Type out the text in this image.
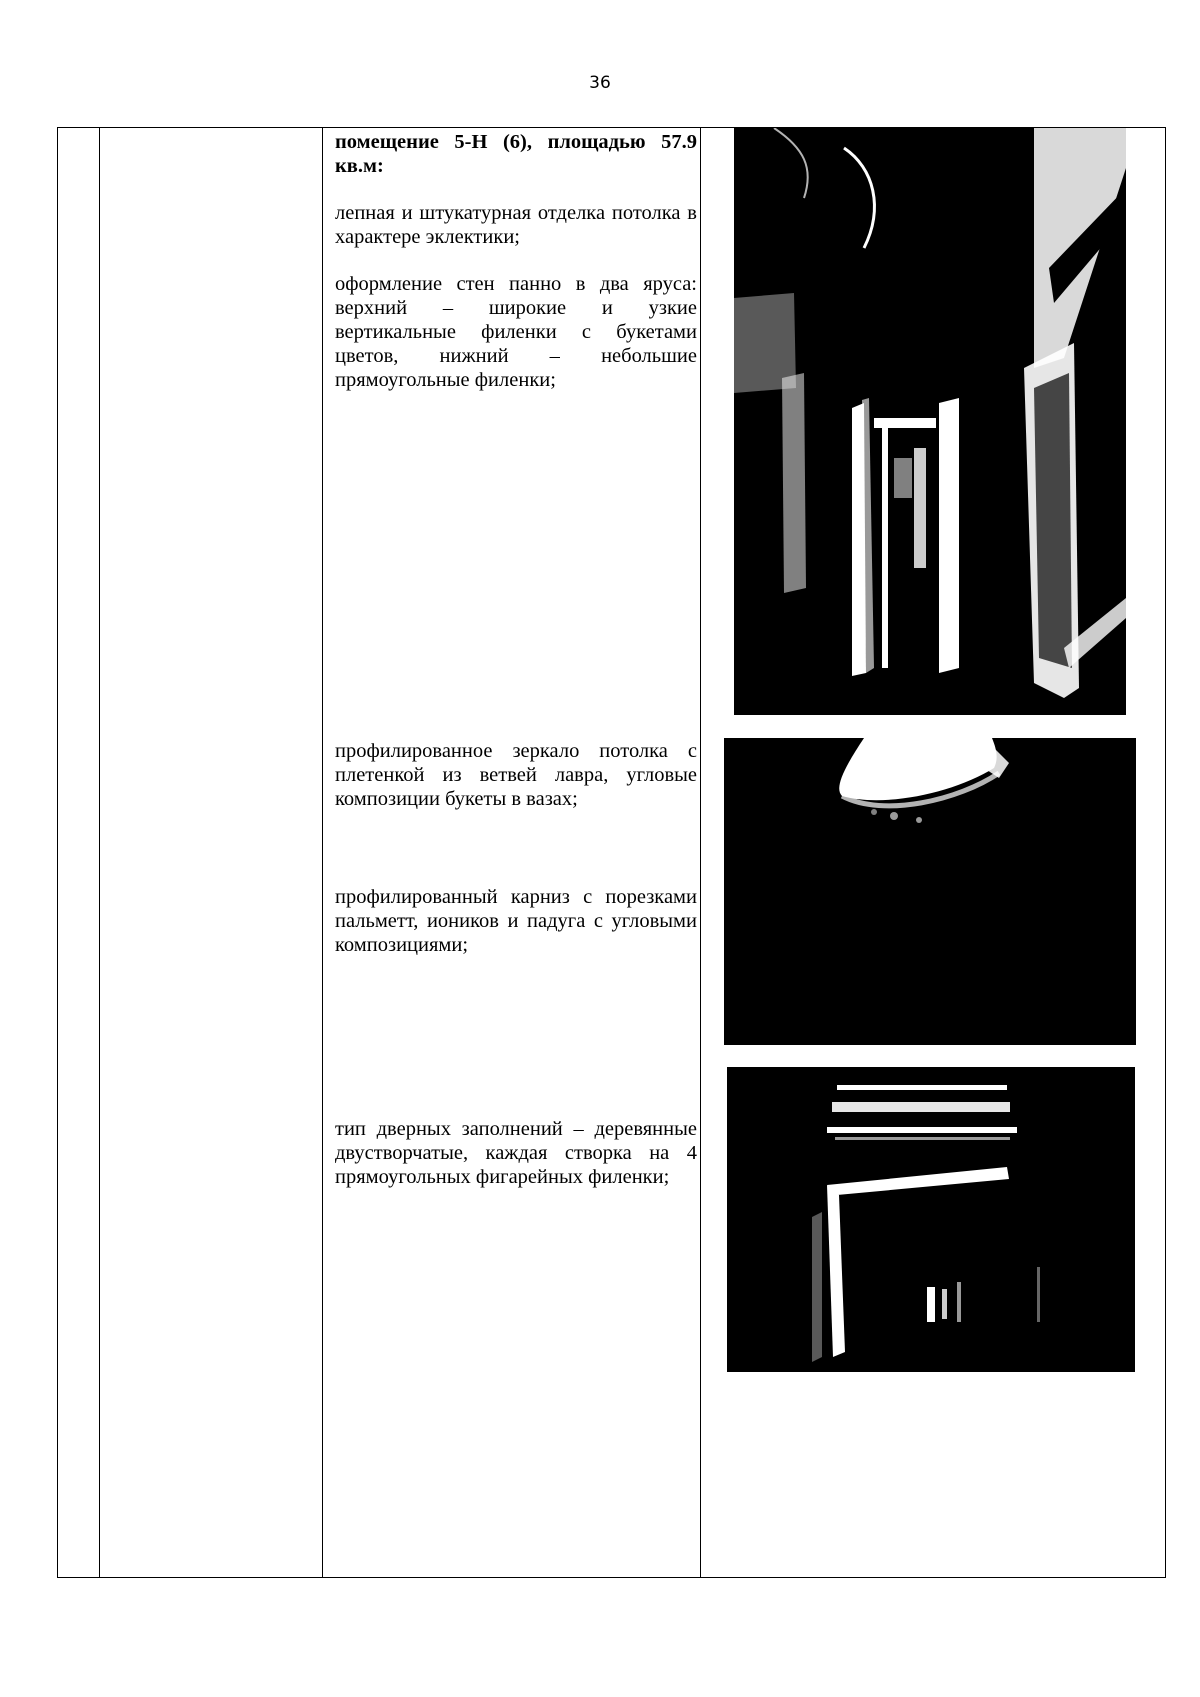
36
помещение 5-Н (6), площадью 57.9 кв.м:
лепная и штукатурная отделка потолка в характере эклектики;
оформление стен панно в два яруса: верхний – широкие и узкие вертикальные филенки с букетами цветов, нижний – небольшие прямоугольные филенки;
профилированное зеркало потолка с плетенкой из ветвей лавра, угловые композиции букеты в вазах;
профилированный карниз с порезками пальметт, иоников и падуга с угловыми композициями;
тип дверных заполнений – деревянные двустворчатые, каждая створка на 4 прямоугольных фигарейных филенки;
